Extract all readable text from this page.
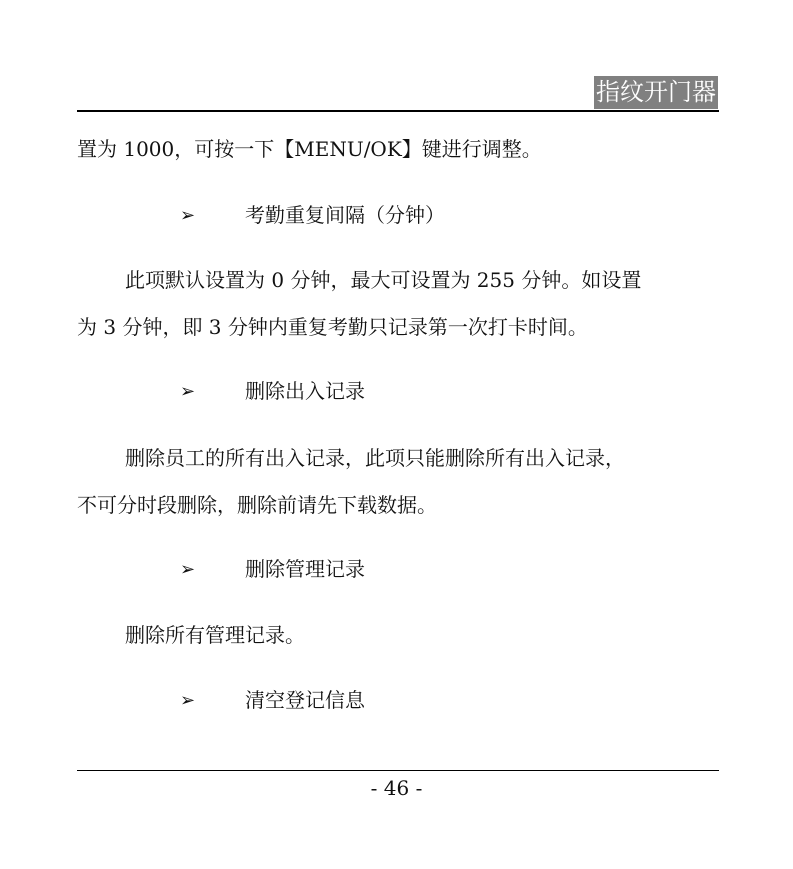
指纹开门器
置为 1000，可按一下【MENU/OK】键进行调整。
➢ 考勤重复间隔（分钟）
此项默认设置为 0 分钟，最大可设置为 255 分钟。如设置
为 3 分钟，即 3 分钟内重复考勤只记录第一次打卡时间。
➢ 删除出入记录
删除员工的所有出入记录，此项只能删除所有出入记录，
不可分时段删除，删除前请先下载数据。
➢ 删除管理记录
删除所有管理记录。
➢ 清空登记信息
- 46 -
